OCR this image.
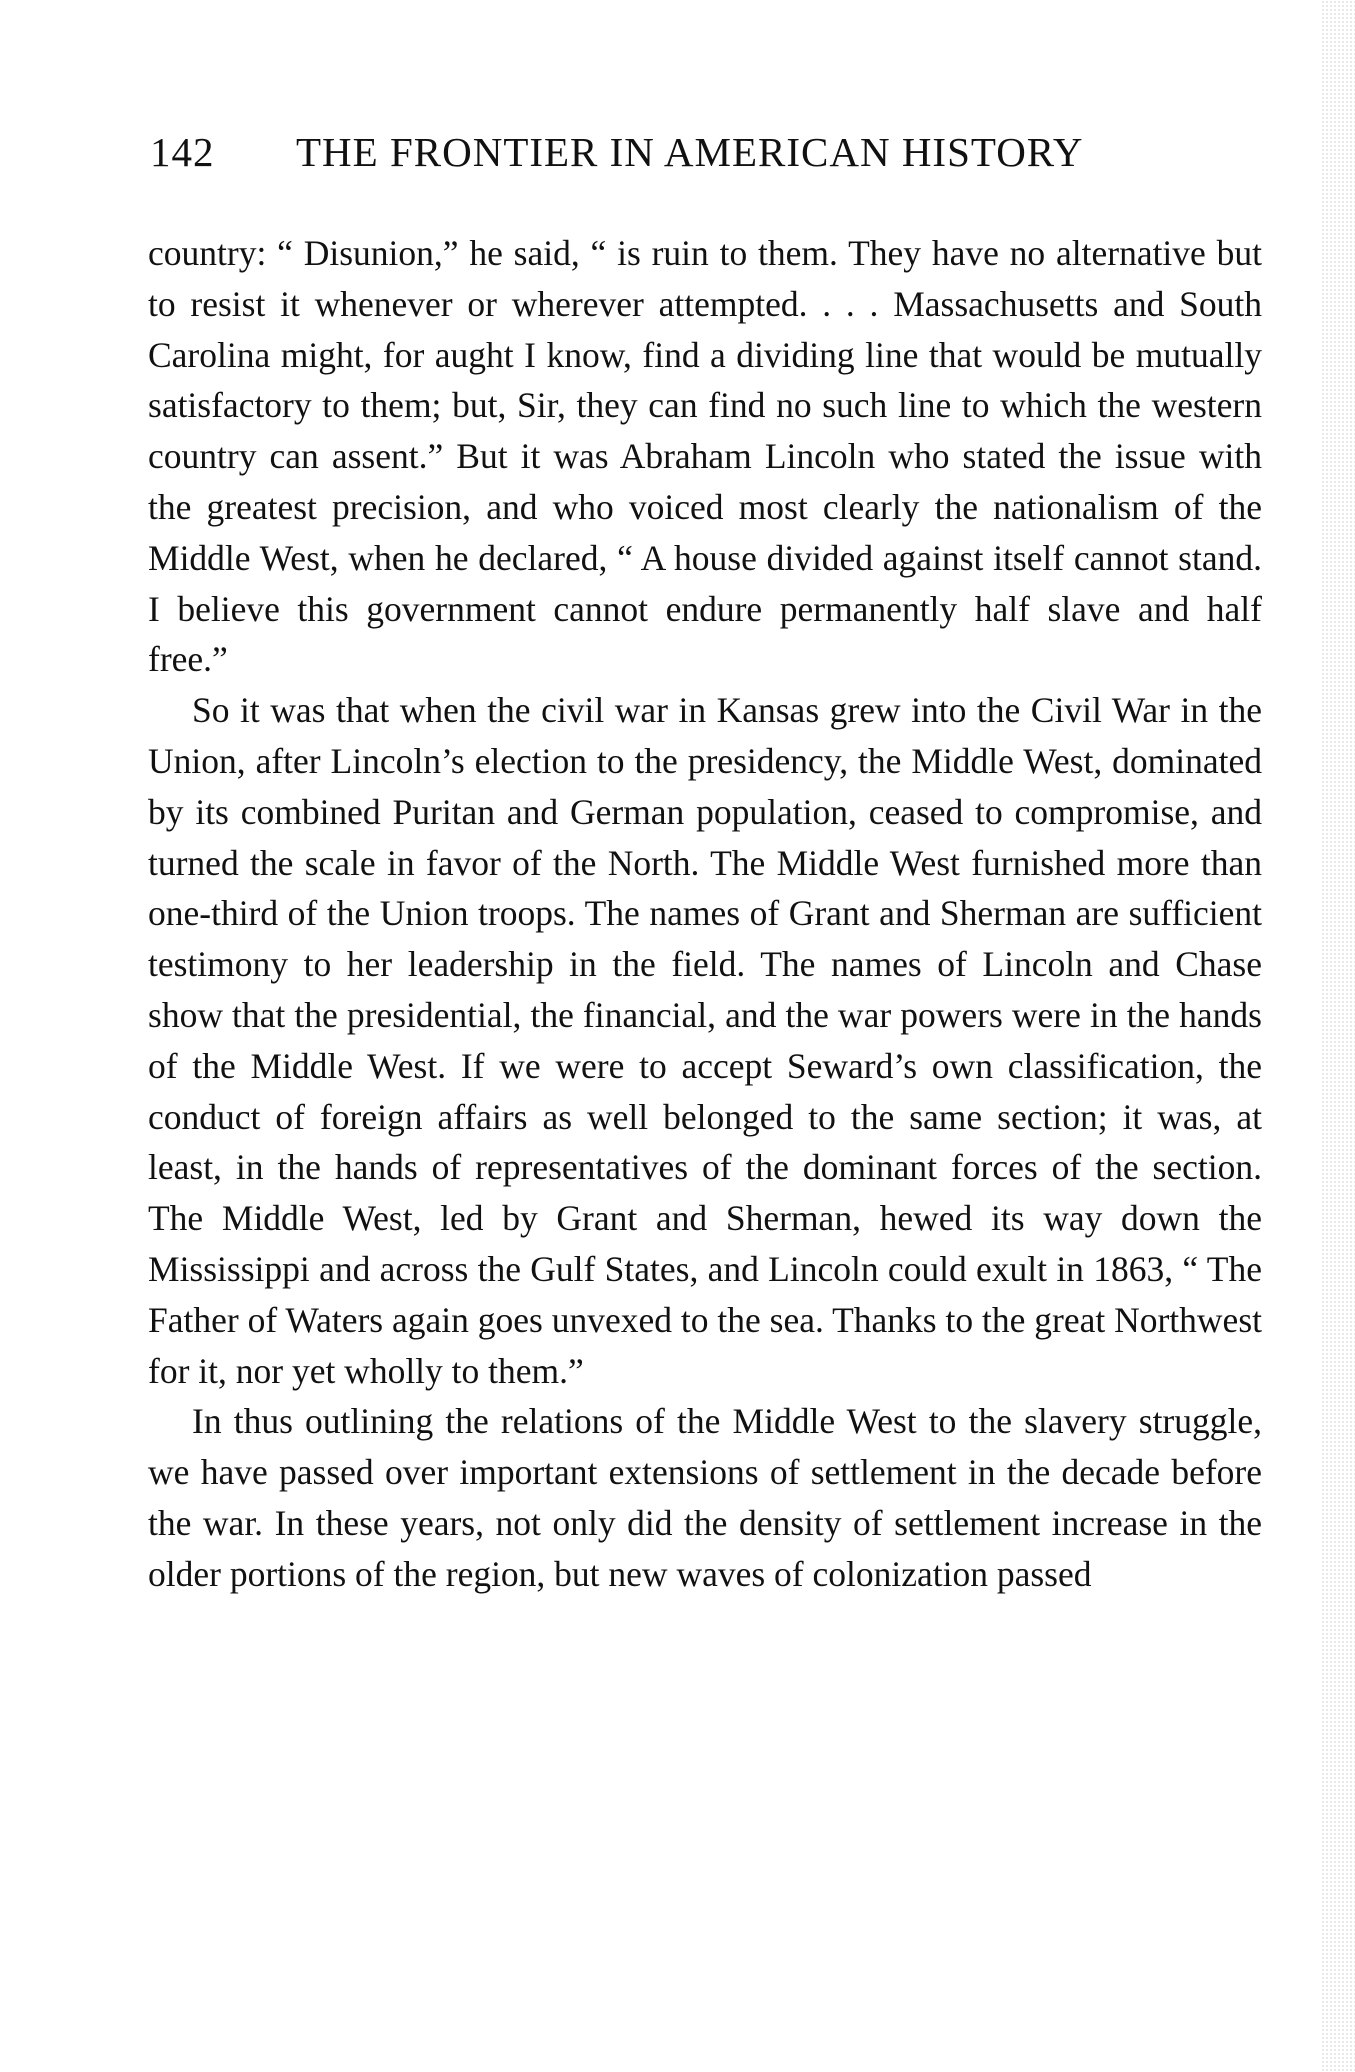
142 THE FRONTIER IN AMERICAN HISTORY

country: “ Disunion,” he said, “ is ruin to them. They have no alternative but to resist it whenever or wherever attempted. . . . Massachusetts and South Carolina might, for aught I know, find a dividing line that would be mutually satisfactory to them; but, Sir, they can find no such line to which the western country can assent.” But it was Abraham Lincoln who stated the issue with the greatest precision, and who voiced most clearly the nationalism of the Middle West, when he declared, “ A house divided against itself cannot stand. I believe this government cannot endure permanently half slave and half free.”

So it was that when the civil war in Kansas grew into the Civil War in the Union, after Lincoln’s election to the presidency, the Middle West, dominated by its combined Puritan and German population, ceased to compromise, and turned the scale in favor of the North. The Middle West furnished more than one-third of the Union troops. The names of Grant and Sherman are sufficient testimony to her leadership in the field. The names of Lincoln and Chase show that the presidential, the financial, and the war powers were in the hands of the Middle West. If we were to accept Seward’s own classification, the conduct of foreign affairs as well belonged to the same section; it was, at least, in the hands of representatives of the dominant forces of the section. The Middle West, led by Grant and Sherman, hewed its way down the Mississippi and across the Gulf States, and Lincoln could exult in 1863, “ The Father of Waters again goes unvexed to the sea. Thanks to the great Northwest for it, nor yet wholly to them.”

In thus outlining the relations of the Middle West to the slavery struggle, we have passed over important extensions of settlement in the decade before the war. In these years, not only did the density of settlement increase in the older portions of the region, but new waves of colonization passed
